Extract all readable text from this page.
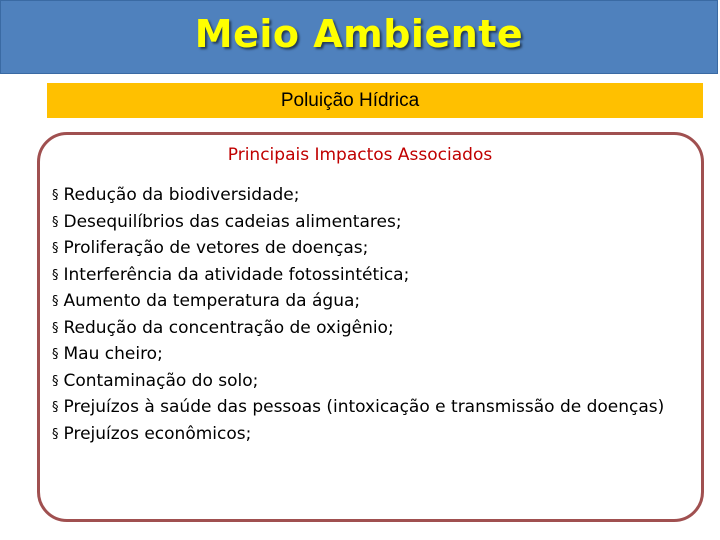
Meio Ambiente
Poluição Hídrica
Principais Impactos Associados
§ Redução da biodiversidade;
§ Desequilíbrios das cadeias alimentares;
§ Proliferação de vetores de doenças;
§ Interferência da atividade fotossintética;
§ Aumento da temperatura da água;
§ Redução da concentração de oxigênio;
§ Mau cheiro;
§ Contaminação do solo;
§ Prejuízos à saúde das pessoas (intoxicação e transmissão de doenças)
§ Prejuízos econômicos;
